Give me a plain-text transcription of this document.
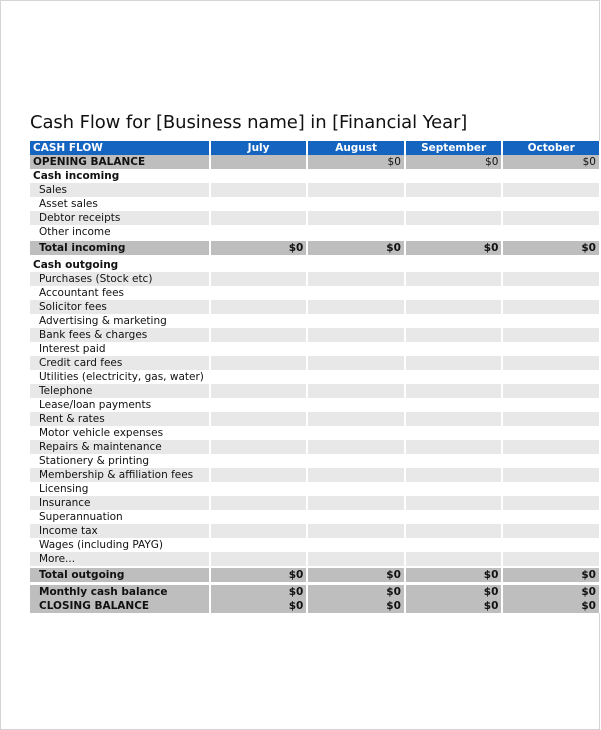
Cash Flow for [Business name] in [Financial Year]
CASH FLOW	July	August	September	October
OPENING BALANCE		$0	$0	$0
Cash incoming				
Sales				
Asset sales				
Debtor receipts				
Other income				
Total incoming	$0	$0	$0	$0

Cash outgoing				
Purchases (Stock etc)				
Accountant fees				
Solicitor fees				
Advertising & marketing				
Bank fees & charges				
Interest paid				
Credit card fees				
Utilities (electricity, gas, water)				
Telephone				
Lease/loan payments				
Rent & rates				
Motor vehicle expenses				
Repairs & maintenance				
Stationery & printing				
Membership & affiliation fees				
Licensing				
Insurance				
Superannuation				
Income tax				
Wages (including PAYG)				
More...				
Total outgoing	$0	$0	$0	$0

Monthly cash balance	$0	$0	$0	$0
CLOSING BALANCE	$0	$0	$0	$0
